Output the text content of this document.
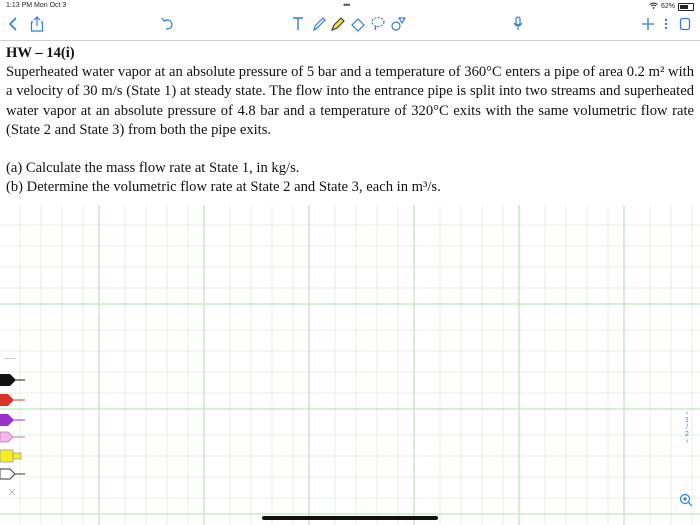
1:13 PM Mon Oct 3	•••	62%
HW – 14(i)

Superheated water vapor at an absolute pressure of 5 bar and a temperature of 360°C enters a pipe of area 0.2 m² with a velocity of 30 m/s (State 1) at steady state. The flow into the entrance pipe is split into two streams and superheated water vapor at an absolute pressure of 4.8 bar and a temperature of 320°C exits with the same volumetric flow rate (State 2 and State 3) from both the pipe exits.

(a) Calculate the mass flow rate at State 1, in kg/s.
(b) Determine the volumetric flow rate at State 2 and State 3, each in m³/s.
‹
1
/
2
›
